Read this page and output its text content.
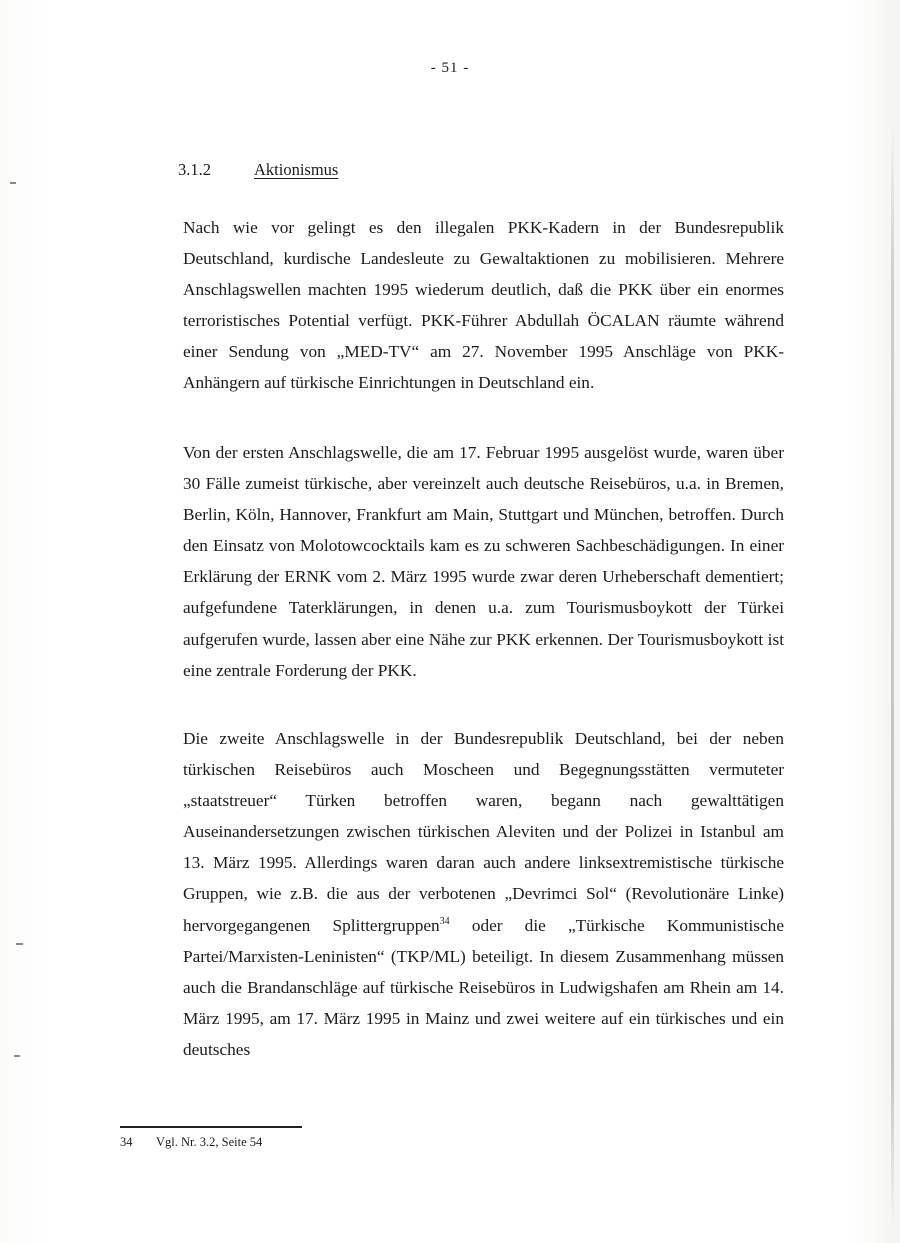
- 51 -
3.1.2	Aktionismus

Nach wie vor gelingt es den illegalen PKK-Kadern in der Bundesrepublik Deutschland, kurdische Landesleute zu Gewaltaktionen zu mobilisieren. Mehrere Anschlagswellen machten 1995 wiederum deutlich, daß die PKK über ein enormes terroristisches Potential verfügt. PKK-Führer Abdullah ÖCALAN räumte während einer Sendung von „MED-TV“ am 27. November 1995 Anschläge von PKK-Anhängern auf türkische Einrichtungen in Deutschland ein.

Von der ersten Anschlagswelle, die am 17. Februar 1995 ausgelöst wurde, waren über 30 Fälle zumeist türkische, aber vereinzelt auch deutsche Reisebüros, u.a. in Bremen, Berlin, Köln, Hannover, Frankfurt am Main, Stuttgart und München, betroffen. Durch den Einsatz von Molotowcocktails kam es zu schweren Sachbeschädigungen. In einer Erklärung der ERNK vom 2. März 1995 wurde zwar deren Urheberschaft dementiert; aufgefundene Taterklärungen, in denen u.a. zum Tourismusboykott der Türkei aufgerufen wurde, lassen aber eine Nähe zur PKK erkennen. Der Tourismusboykott ist eine zentrale Forderung der PKK.

Die zweite Anschlagswelle in der Bundesrepublik Deutschland, bei der neben türkischen Reisebüros auch Moscheen und Begegnungsstätten vermuteter „staatstreuer“ Türken betroffen waren, begann nach gewalttätigen Auseinandersetzungen zwischen türkischen Aleviten und der Polizei in Istanbul am 13. März 1995. Allerdings waren daran auch andere linksextremistische türkische Gruppen, wie z.B. die aus der verbotenen „Devrimci Sol“ (Revolutionäre Linke) hervorgegangenen Splittergruppen$^{34}$ oder die „Türkische Kommunistische Partei/Marxisten-Leninisten“ (TKP/ML) beteiligt. In diesem Zusammenhang müssen auch die Brandanschläge auf türkische Reisebüros in Ludwigshafen am Rhein am 14. März 1995, am 17. März 1995 in Mainz und zwei weitere auf ein türkisches und ein deutsches

34 Vgl. Nr. 3.2, Seite 54
